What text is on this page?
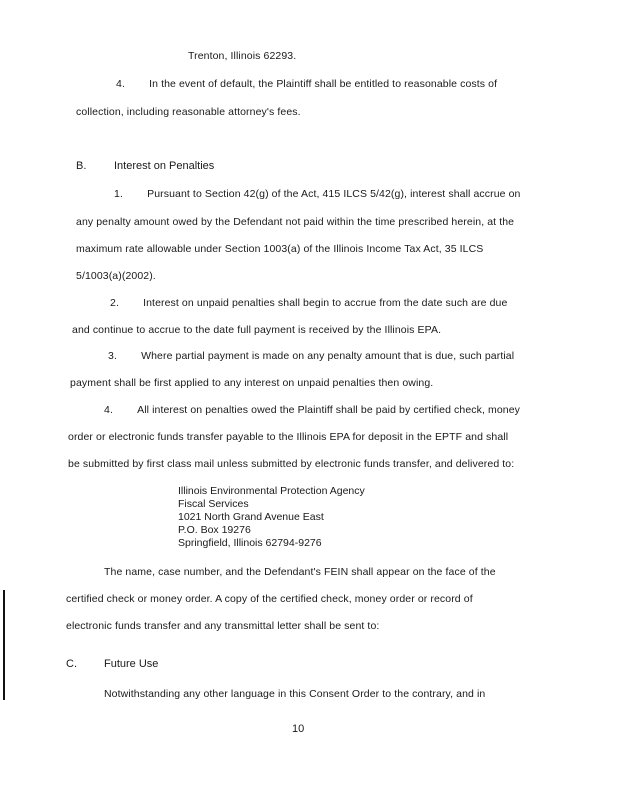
Trenton, Illinois 62293.
4.        In the event of default, the Plaintiff shall be entitled to reasonable costs of
collection, including reasonable attorney's fees.
B.	Interest on Penalties
1.        Pursuant to Section 42(g) of the Act, 415 ILCS 5/42(g), interest shall accrue on
any penalty amount owed by the Defendant not paid within the time prescribed herein, at the
maximum rate allowable under Section 1003(a) of the Illinois Income Tax Act, 35 ILCS
5/1003(a)(2002).
2.        Interest on unpaid penalties shall begin to accrue from the date such are due
and continue to accrue to the date full payment is received by the Illinois EPA.
3.        Where partial payment is made on any penalty amount that is due, such partial
payment shall be first applied to any interest on unpaid penalties then owing.
4.        All interest on penalties owed the Plaintiff shall be paid by certified check, money
order or electronic funds transfer payable to the Illinois EPA for deposit in the EPTF and shall
be submitted by first class mail unless submitted by electronic funds transfer, and delivered to:
Illinois Environmental Protection Agency
Fiscal Services
1021 North Grand Avenue East
P.O. Box 19276
Springfield, Illinois 62794-9276
The name, case number, and the Defendant's FEIN shall appear on the face of the
certified check or money order. A copy of the certified check, money order or record of
electronic funds transfer and any transmittal letter shall be sent to:
C. Future Use
Notwithstanding any other language in this Consent Order to the contrary, and in
10
